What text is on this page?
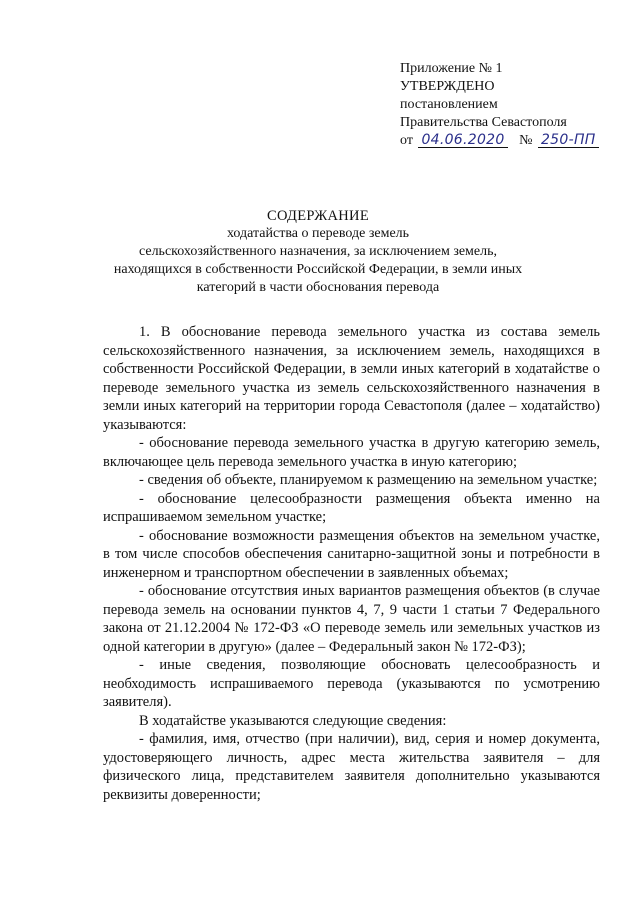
Приложение № 1
УТВЕРЖДЕНО
постановлением
Правительства Севастополя
от 04.06.2020 № 250-ПП
СОДЕРЖАНИЕ
ходатайства о переводе земель
сельскохозяйственного назначения, за исключением земель,
находящихся в собственности Российской Федерации, в земли иных
категорий в части обоснования перевода

1. В обоснование перевода земельного участка из состава земель сельскохозяйственного назначения, за исключением земель, находящихся в собственности Российской Федерации, в земли иных категорий в ходатайстве о переводе земельного участка из земель сельскохозяйственного назначения в земли иных категорий на территории города Севастополя (далее – ходатайство) указываются:

- обоснование перевода земельного участка в другую категорию земель, включающее цель перевода земельного участка в иную категорию;

- сведения об объекте, планируемом к размещению на земельном участке;

- обоснование целесообразности размещения объекта именно на испрашиваемом земельном участке;

- обоснование возможности размещения объектов на земельном участке, в том числе способов обеспечения санитарно-защитной зоны и потребности в инженерном и транспортном обеспечении в заявленных объемах;

- обоснование отсутствия иных вариантов размещения объектов (в случае перевода земель на основании пунктов 4, 7, 9 части 1 статьи 7 Федерального закона от 21.12.2004 № 172-ФЗ «О переводе земель или земельных участков из одной категории в другую» (далее – Федеральный закон № 172-ФЗ);

- иные сведения, позволяющие обосновать целесообразность и необходимость испрашиваемого перевода (указываются по усмотрению заявителя).

В ходатайстве указываются следующие сведения:

- фамилия, имя, отчество (при наличии), вид, серия и номер документа, удостоверяющего личность, адрес места жительства заявителя – для физического лица, представителем заявителя дополнительно указываются реквизиты доверенности;
